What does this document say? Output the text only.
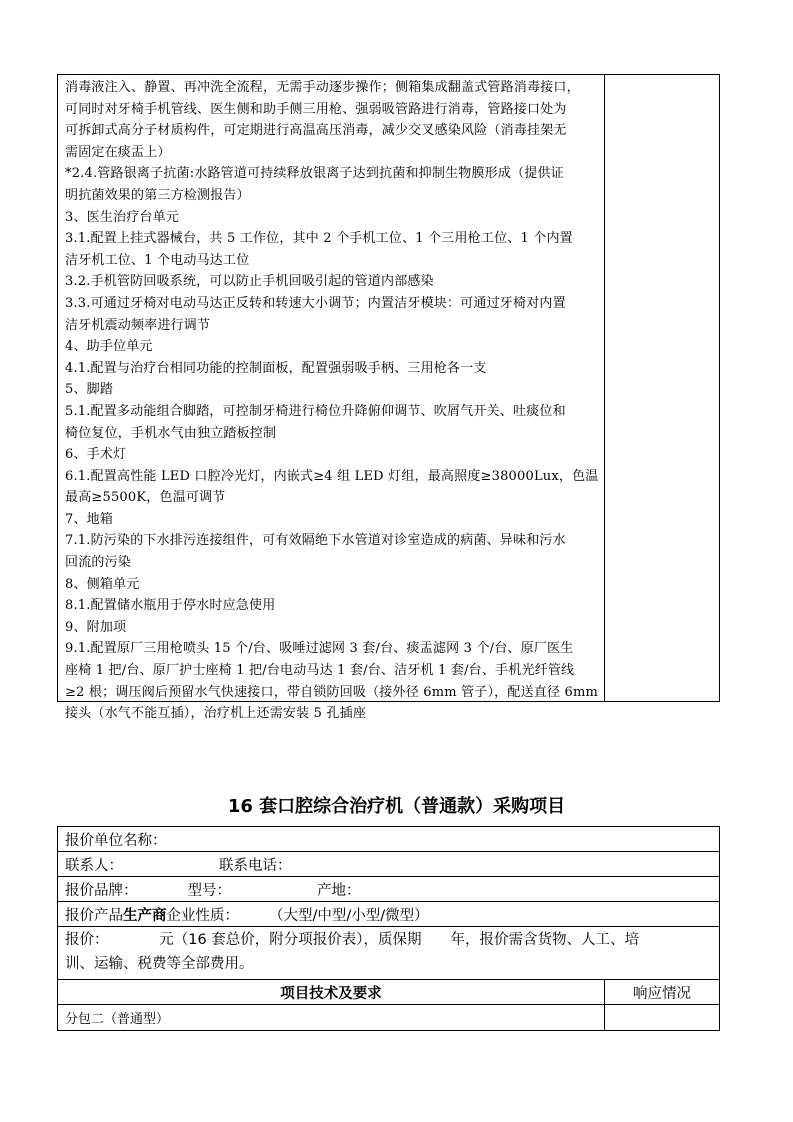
消毒液注入、静置、再冲洗全流程，无需手动逐步操作；侧箱集成翻盖式管路消毒接口，

可同时对牙椅手机管线、医生侧和助手侧三用枪、强弱吸管路进行消毒，管路接口处为

可拆卸式高分子材质构件，可定期进行高温高压消毒，减少交叉感染风险（消毒挂架无

需固定在痰盂上）

*2.4.管路银离子抗菌:水路管道可持续释放银离子达到抗菌和抑制生物膜形成（提供证

明抗菌效果的第三方检测报告）

3、医生治疗台单元

3.1.配置上挂式器械台，共 5 工作位，其中 2 个手机工位、1 个三用枪工位、1 个内置

洁牙机工位、1 个电动马达工位

3.2.手机管防回吸系统，可以防止手机回吸引起的管道内部感染

3.3.可通过牙椅对电动马达正反转和转速大小调节；内置洁牙模块：可通过牙椅对内置

洁牙机震动频率进行调节

4、助手位单元

4.1.配置与治疗台相同功能的控制面板，配置强弱吸手柄、三用枪各一支

5、脚踏

5.1.配置多动能组合脚踏，可控制牙椅进行椅位升降俯仰调节、吹屑气开关、吐痰位和

椅位复位，手机水气由独立踏板控制

6、手术灯

6.1.配置高性能 LED 口腔冷光灯，内嵌式≥4 组 LED 灯组，最高照度≥38000Lux，色温

最高≥5500K，色温可调节

7、地箱

7.1.防污染的下水排污连接组件，可有效隔绝下水管道对诊室造成的病菌、异味和污水

回流的污染

8、侧箱单元

8.1.配置储水瓶用于停水时应急使用

9、附加项

9.1.配置原厂三用枪喷头 15 个/台、吸唾过滤网 3 套/台、痰盂滤网 3 个/台、原厂医生

座椅 1 把/台、原厂护士座椅 1 把/台电动马达 1 套/台、洁牙机 1 套/台、手机光纤管线

≥2 根；调压阀后预留水气快速接口，带自锁防回吸（接外径 6mm 管子），配送直径 6mm

接头（水气不能互插），治疗机上还需安装 5 孔插座

16 套口腔综合治疗机（普通款）采购项目
报价单位名称：
联系人：	联系电话：
报价品牌：	型号：	产地：
报价产品生产商企业性质： （大型/中型/小型/微型）
报价：　　　　元（16 套总价，附分项报价表），质保期　　年，报价需含货物、人工、培
训、运输、税费等全部费用。
项目技术及要求	响应情况
分包二（普通型）
